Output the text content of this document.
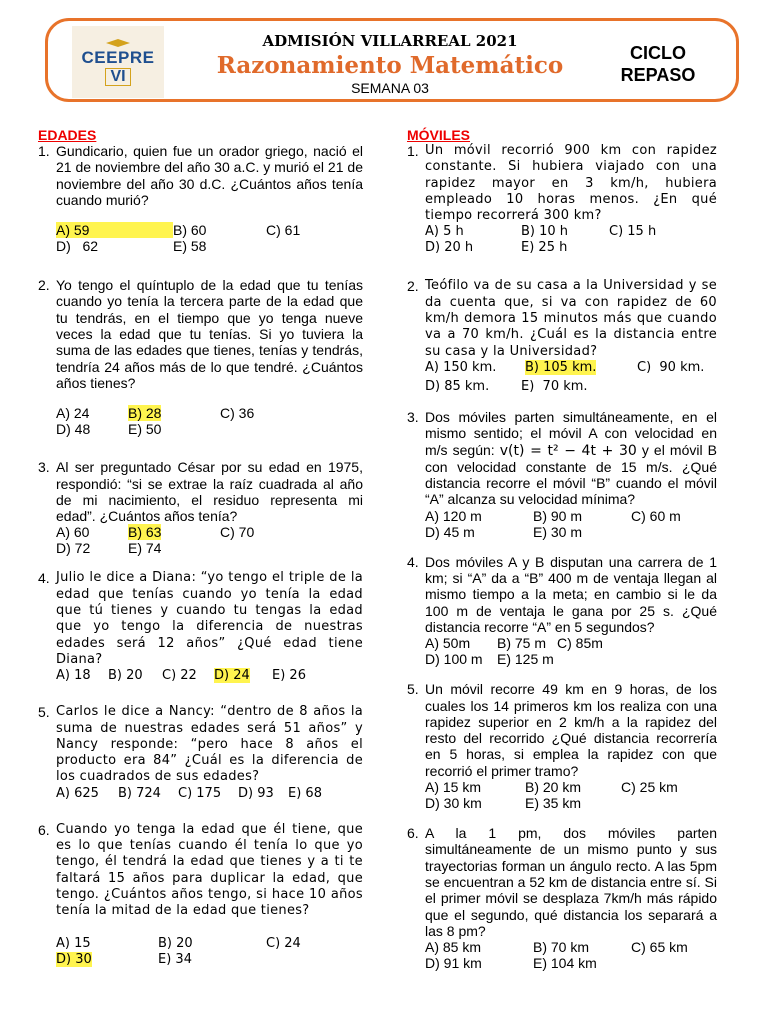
CEEPRE
VI
ADMISIÓN VILLARREAL 2021
Razonamiento Matemático
SEMANA 03
CICLO
REPASO
EDADES
1. Gundicario, quien fue un orador griego, nació el 21 de noviembre del año 30 a.C. y murió el 21 de noviembre del año 30 d.C. ¿Cuántos años tenía cuando murió?
A) 59	B) 60	C) 61
D)   62	E) 58
2. Yo tengo el quíntuplo de la edad que tu tenías cuando yo tenía la tercera parte de la edad que tu tendrás, en el tiempo que yo tenga nueve veces la edad que tu tenías. Si yo tuviera la suma de las edades que tienes, tenías y tendrás, tendría 24 años más de lo que tendré. ¿Cuántos años tienes?
A) 24	B) 28	C) 36
D) 48	E) 50
3. Al ser preguntado César por su edad en 1975, respondió: “si se extrae la raíz cuadrada al año de mi nacimiento, el residuo representa mi edad”. ¿Cuántos años tenía?
A) 60	B) 63	C) 70
D) 72	E) 74
4. Julio le dice a Diana: “yo tengo el triple de la edad que tenías cuando yo tenía la edad que tú tienes y cuando tu tengas la edad que yo tengo la diferencia de nuestras edades será 12 años” ¿Qué edad tiene Diana?
A) 18	B) 20	C) 22	D) 24	E) 26
5. Carlos le dice a Nancy: “dentro de 8 años la suma de nuestras edades será 51 años” y Nancy responde: “pero hace 8 años el producto era 84” ¿Cuál es la diferencia de los cuadrados de sus edades?
A) 625	B) 724	C) 175	D) 93	E) 68
6. Cuando yo tenga la edad que él tiene, que es lo que tenías cuando él tenía lo que yo tengo, él tendrá la edad que tienes y a ti te faltará 15 años para duplicar la edad, que tengo. ¿Cuántos años tengo, si hace 10 años tenía la mitad de la edad que tienes?
A) 15	B) 20	C) 24
D) 30	E) 34
MÓVILES
1. Un móvil recorrió 900 km con rapidez constante. Si hubiera viajado con una rapidez mayor en 3 km/h, hubiera empleado 10 horas menos. ¿En qué tiempo recorrerá 300 km?
A) 5 h	B) 10 h	C) 15 h
D) 20 h	E) 25 h
2. Teófilo va de su casa a la Universidad y se da cuenta que, si va con rapidez de 60 km/h demora 15 minutos más que cuando va a 70 km/h. ¿Cuál es la distancia entre su casa y la Universidad?
A) 150 km.	B) 105 km.	C)  90 km.
D) 85 km.	E)  70 km.
3. Dos móviles parten simultáneamente, en el mismo sentido; el móvil A con velocidad en m/s según: v(t) = t² − 4t + 30 y el móvil B con velocidad constante de 15 m/s. ¿Qué distancia recorre el móvil “B” cuando el móvil “A” alcanza su velocidad mínima?
A) 120 m	B) 90 m	C) 60 m
D) 45 m	E) 30 m
4. Dos móviles A y B disputan una carrera de 1 km; si “A” da a “B” 400 m de ventaja llegan al mismo tiempo a la meta; en cambio si le da 100 m de ventaja le gana por 25 s. ¿Qué distancia recorre “A” en 5 segundos?
A) 50m	B) 75 m C) 85m
D) 100 m	E) 125 m
5. Un móvil recorre 49 km en 9 horas, de los cuales los 14 primeros km los realiza con una rapidez superior en 2 km/h a la rapidez del resto del recorrido ¿Qué distancia recorrería en 5 horas, si emplea la rapidez con que recorrió el primer tramo?
A) 15 km	B) 20 km	C) 25 km
D) 30 km	E) 35 km
6. A la 1 pm, dos móviles parten simultáneamente de un mismo punto y sus trayectorias forman un ángulo recto. A las 5pm se encuentran a 52 km de distancia entre sí. Si el primer móvil se desplaza 7km/h más rápido que el segundo, qué distancia los separará a las 8 pm?
A) 85 km	B) 70 km	C) 65 km
D) 91 km	E) 104 km
